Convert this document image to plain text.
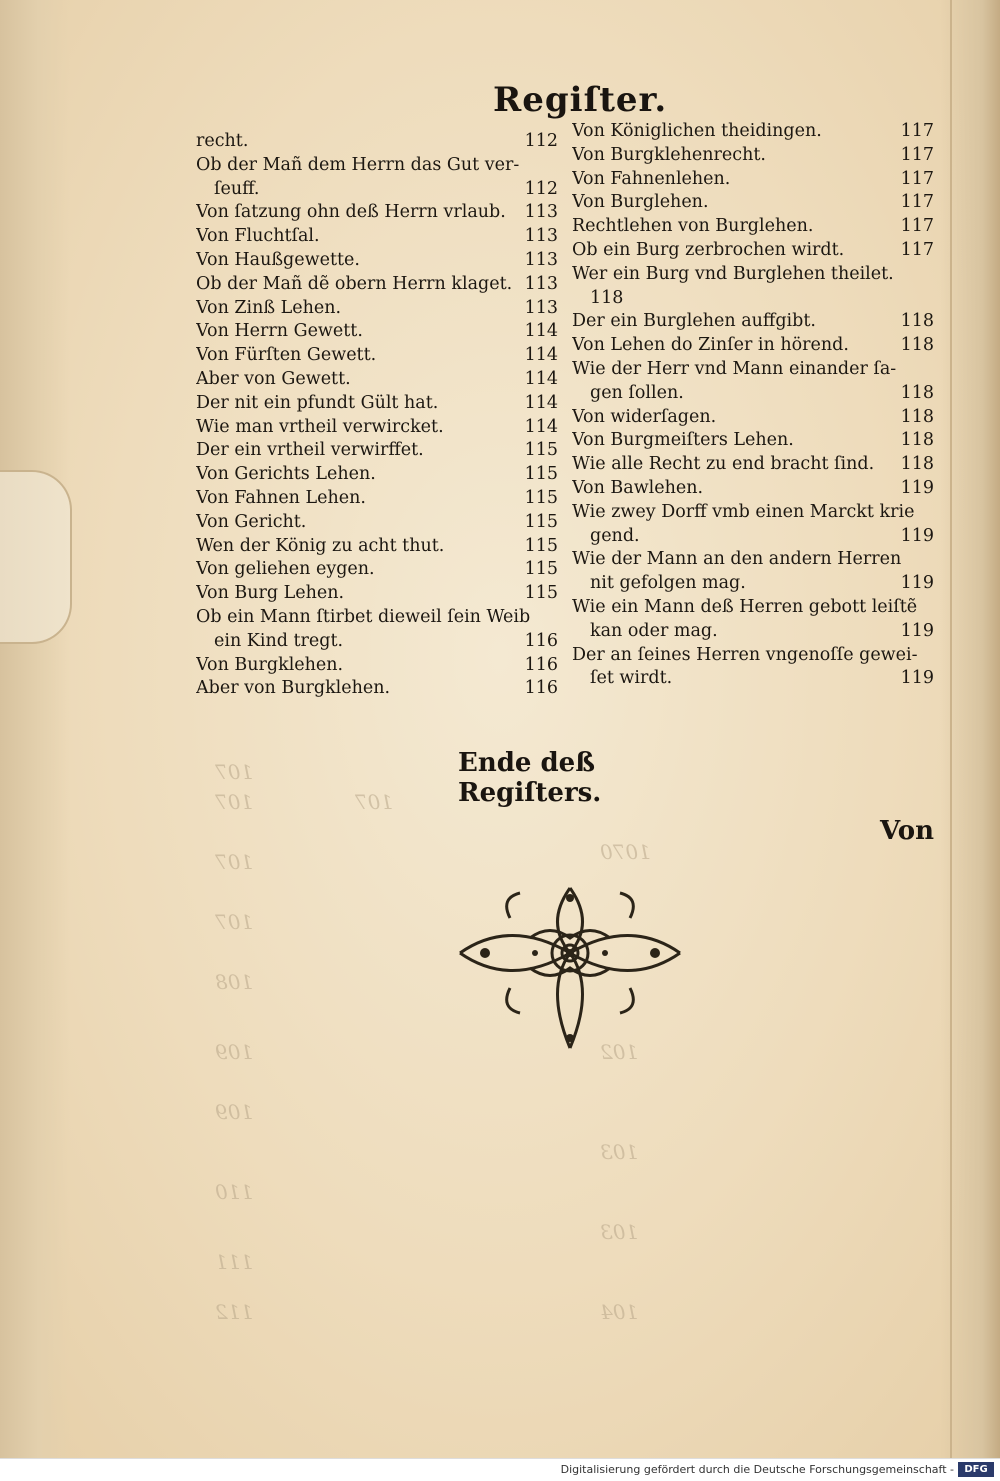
107
107                107
107
107
108
109
109
110
111
112
1070
102
103
103
104
Regiſter.
recht.	112
Ob der Mañ dem Herrn das Gut ver-
ſeuff.	112
Von ſatzung ohn deß Herrn vrlaub.	113
Von Fluchtſal.	113
Von Haußgewette.	113
Ob der Mañ dẽ obern Herrn klaget. 113
Von Zinß Lehen.	113
Von Herrn Gewett.	114
Von Fürſten Gewett.	114
Aber von Gewett.	114
Der nit ein pfundt Gült hat.	114
Wie man vrtheil verwircket.	114
Der ein vrtheil verwirffet.	115
Von Gerichts Lehen.	115
Von Fahnen Lehen.	115
Von Gericht.	115
Wen der König zu acht thut.	115
Von geliehen eygen.	115
Von Burg Lehen.	115
Ob ein Mann ſtirbet dieweil ſein Weib
ein Kind tregt.	116
Von Burgklehen.	116
Aber von Burgklehen.	116
Von Königlichen theidingen.	117
Von Burgklehenrecht.	117
Von Fahnenlehen.	117
Von Burglehen.	117
Rechtlehen von Burglehen.	117
Ob ein Burg zerbrochen wirdt.	117
Wer ein Burg vnd Burglehen theilet.
118
Der ein Burglehen auffgibt.	118
Von Lehen do Zinſer in hörend.	118
Wie der Herr vnd Mann einander ſa-
gen ſollen.	118
Von widerſagen.	118
Von Burgmeiſters Lehen.	118
Wie alle Recht zu end bracht ſind.	118
Von Bawlehen.	119
Wie zwey Dorff vmb einen Marckt krie
gend.	119
Wie der Mann an den andern Herren
nit gefolgen mag.	119
Wie ein Mann deß Herren gebott leiſtẽ
kan oder mag.	119
Der an ſeines Herren vngenoſſe gewei-
ſet wirdt.	119
Ende deß Regiſters.
Von
Digitalisierung gefördert durch die Deutsche Forschungsgemeinschaft -	DFG
